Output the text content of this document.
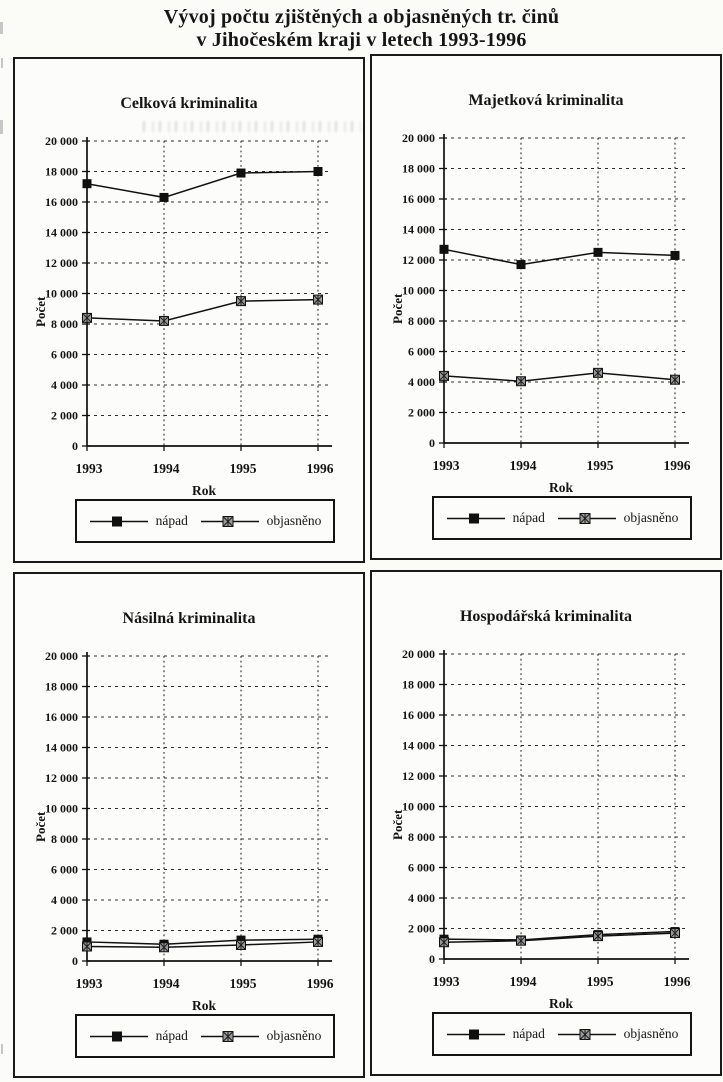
Vývoj počtu zjištěných a objasněných tr. činů
v Jihočeském kraji v letech 1993-1996
Celková kriminalita
Počet
0
2 000
4 000
6 000
8 000
10 000
12 000
14 000
16 000
18 000
20 000
1993	1994	1995	1996
Rok
nápad	objasněno
Majetková kriminalita
Počet
0
2 000
4 000
6 000
8 000
10 000
12 000
14 000
16 000
18 000
20 000
1993	1994	1995	1996
Rok
nápad	objasněno
Násilná kriminalita
Počet
0
2 000
4 000
6 000
8 000
10 000
12 000
14 000
16 000
18 000
20 000
1993	1994	1995	1996
Rok
nápad	objasněno
Hospodářská kriminalita
Počet
0
2 000
4 000
6 000
8 000
10 000
12 000
14 000
16 000
18 000
20 000
1993	1994	1995	1996
Rok
nápad	objasněno
